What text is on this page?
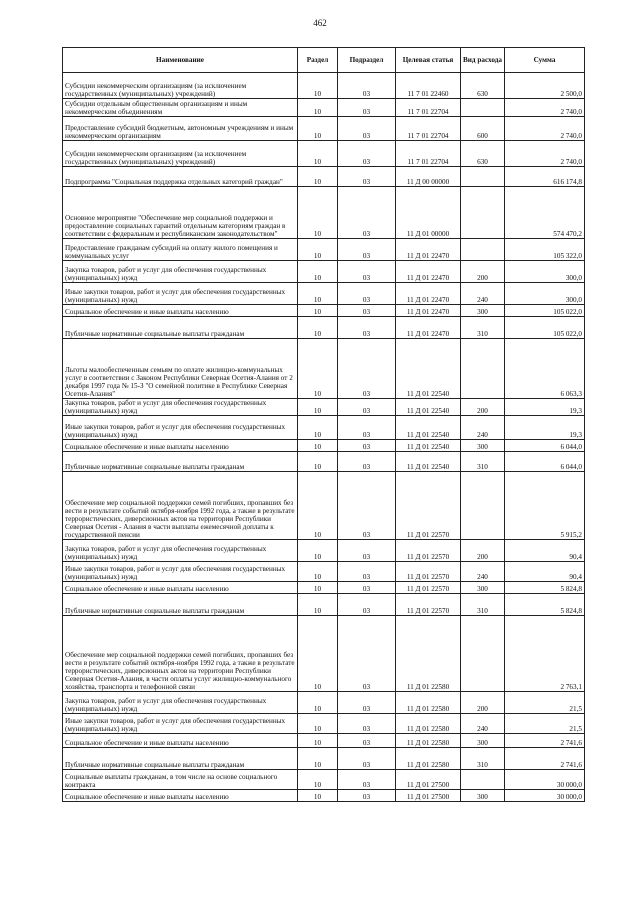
462
Наименование	Раздел	Подраздел	Целевая статья	Вид расхода	Сумма
Субсидии некоммерческим организациям (за исключением государственных (муниципальных) учреждений)	10	03	11 7 01 22460	630	2 500,0
Субсидии отдельным общественным организациям и иным некоммерческим объединениям	10	03	11 7 01 22704		2 740,0
Предоставление субсидий бюджетным, автономным учреждениям и иным некоммерческим организациям	10	03	11 7 01 22704	600	2 740,0
Субсидии некоммерческим организациям (за исключением государственных (муниципальных) учреждений)	10	03	11 7 01 22704	630	2 740,0
Подпрограмма "Социальная поддержка отдельных категорий граждан"	10	03	11 Д 00 00000		616 174,8
Основное мероприятие "Обеспечение мер социальной поддержки и предоставление социальных гарантий отдельным категориям граждан в соответствии с федеральным и республиканским законодательством"	10	03	11 Д 01 00000		574 470,2
Предоставление гражданам субсидий на оплату жилого помещения и коммунальных услуг	10	03	11 Д 01 22470		105 322,0
Закупка товаров, работ и услуг для обеспечения государственных (муниципальных) нужд	10	03	11 Д 01 22470	200	300,0
Иные закупки товаров, работ и услуг для обеспечения государственных (муниципальных) нужд	10	03	11 Д 01 22470	240	300,0
Социальное обеспечение и иные выплаты населению	10	03	11 Д 01 22470	300	105 022,0
Публичные нормативные социальные выплаты гражданам	10	03	11 Д 01 22470	310	105 022,0
Льготы малообеспеченным семьям по оплате жилищно-коммунальных услуг в соответствии с Законом Республики Северная Осетия-Алания от 2 декабря 1997 года № 15-З "О семейной политике в Республике Северная Осетия-Алания"	10	03	11 Д 01 22540		6 063,3
Закупка товаров, работ и услуг для обеспечения государственных (муниципальных) нужд	10	03	11 Д 01 22540	200	19,3
Иные закупки товаров, работ и услуг для обеспечения государственных (муниципальных) нужд	10	03	11 Д 01 22540	240	19,3
Социальное обеспечение и иные выплаты населению	10	03	11 Д 01 22540	300	6 044,0
Публичные нормативные социальные выплаты гражданам	10	03	11 Д 01 22540	310	6 044,0
Обеспечение мер социальной поддержки семей погибших, пропавших без вести в результате событий октября-ноября 1992 года, а также в результате террористических, диверсионных актов на территории Республики Северная Осетия - Алания в части выплаты ежемесячной доплаты к государственной пенсии	10	03	11 Д 01 22570		5 915,2
Закупка товаров, работ и услуг для обеспечения государственных (муниципальных) нужд	10	03	11 Д 01 22570	200	90,4
Иные закупки товаров, работ и услуг для обеспечения государственных (муниципальных) нужд	10	03	11 Д 01 22570	240	90,4
Социальное обеспечение и иные выплаты населению	10	03	11 Д 01 22570	300	5 824,8
Публичные нормативные социальные выплаты гражданам	10	03	11 Д 01 22570	310	5 824,8
Обеспечение мер социальной поддержки семей погибших, пропавших без вести в результате событий октября-ноября 1992 года, а также в результате террористических, диверсионных актов на территории Республики Северная Осетия-Алания, в части оплаты услуг жилищно-коммунального хозяйства, транспорта и телефонной связи	10	03	11 Д 01 22580		2 763,1
Закупка товаров, работ и услуг для обеспечения государственных (муниципальных) нужд	10	03	11 Д 01 22580	200	21,5
Иные закупки товаров, работ и услуг для обеспечения государственных (муниципальных) нужд	10	03	11 Д 01 22580	240	21,5
Социальное обеспечение и иные выплаты населению	10	03	11 Д 01 22580	300	2 741,6
Публичные нормативные социальные выплаты гражданам	10	03	11 Д 01 22580	310	2 741,6
Социальные выплаты гражданам, в том числе на основе социального контракта	10	03	11 Д 01 27500		30 000,0
Социальное обеспечение и иные выплаты населению	10	03	11 Д 01 27500	300	30 000,0
